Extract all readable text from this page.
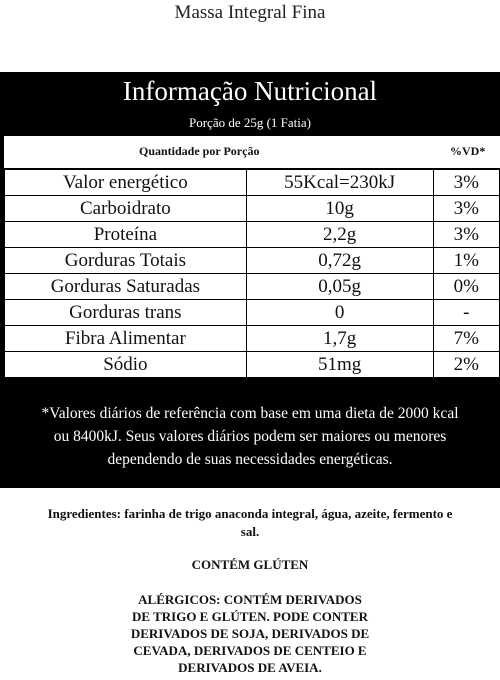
Massa Integral Fina
Informação Nutricional
Porção de 25g (1 Fatia)
Quantidade por Porção	%VD*
Valor energético	55Kcal=230kJ	3%
Carboidrato	10g	3%
Proteína	2,2g	3%
Gorduras Totais	0,72g	1%
Gorduras Saturadas	0,05g	0%
Gorduras trans	0	-
Fibra Alimentar	1,7g	7%
Sódio	51mg	2%
*Valores diários de referência com base em uma dieta de 2000 kcal
ou 8400kJ. Seus valores diários podem ser maiores ou menores
dependendo de suas necessidades energéticas.
Ingredientes: farinha de trigo anaconda integral, água, azeite, fermento e
sal.
CONTÉM GLÚTEN
ALÉRGICOS: CONTÉM DERIVADOS
DE TRIGO E GLÚTEN. PODE CONTER
DERIVADOS DE SOJA, DERIVADOS DE
CEVADA, DERIVADOS DE CENTEIO E
DERIVADOS DE AVEIA.
